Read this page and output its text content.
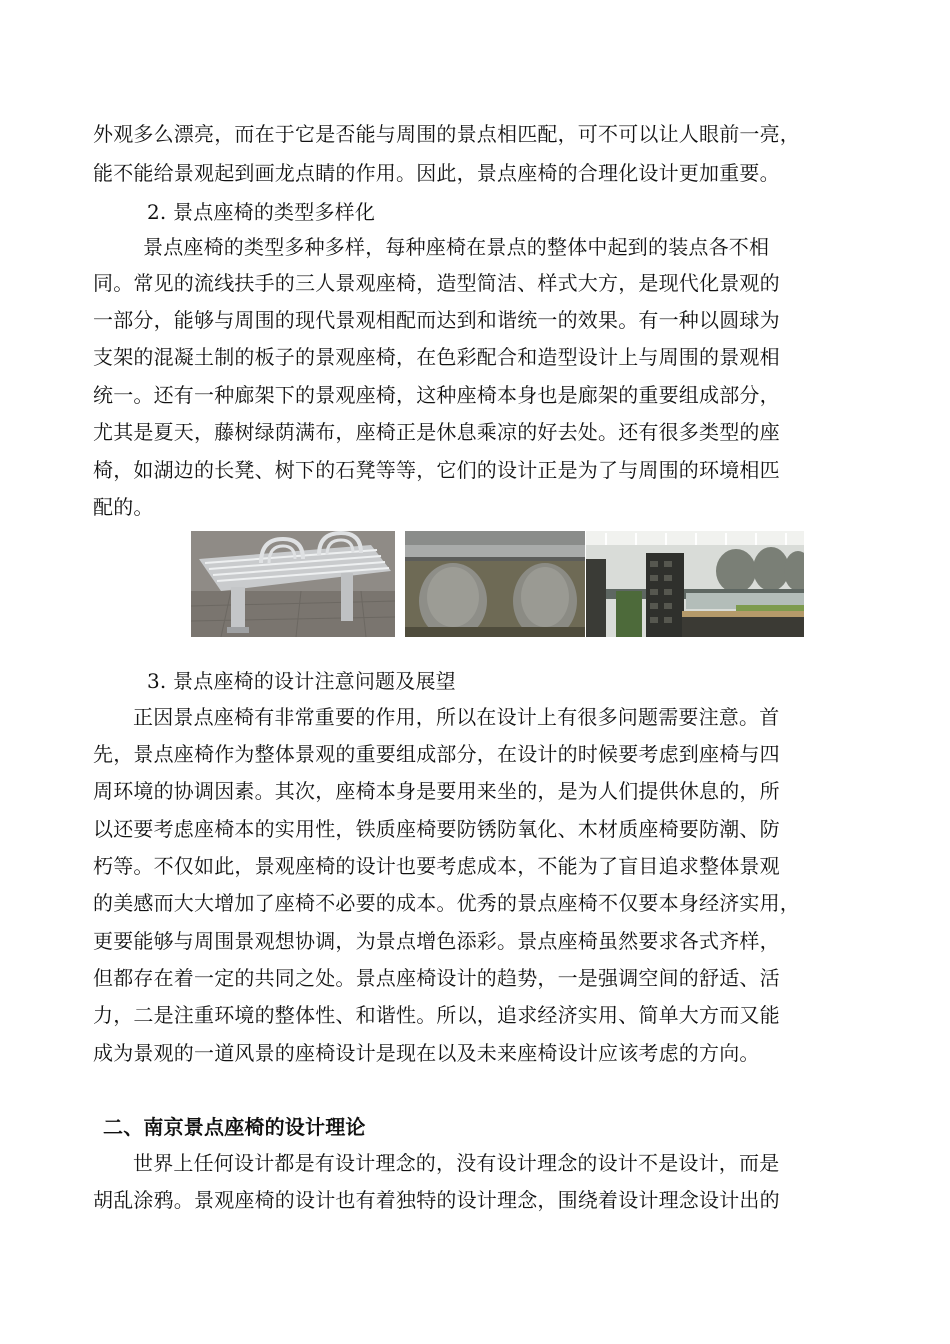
外观多么漂亮，而在于它是否能与周围的景点相匹配，可不可以让人眼前一亮，
能不能给景观起到画龙点睛的作用。因此，景点座椅的合理化设计更加重要。
2. 景点座椅的类型多样化
景点座椅的类型多种多样，每种座椅在景点的整体中起到的装点各不相
同。常见的流线扶手的三人景观座椅，造型简洁、样式大方，是现代化景观的
一部分，能够与周围的现代景观相配而达到和谐统一的效果。有一种以圆球为
支架的混凝土制的板子的景观座椅，在色彩配合和造型设计上与周围的景观相
统一。还有一种廊架下的景观座椅，这种座椅本身也是廊架的重要组成部分，
尤其是夏天，藤树绿荫满布，座椅正是休息乘凉的好去处。还有很多类型的座
椅，如湖边的长凳、树下的石凳等等，它们的设计正是为了与周围的环境相匹
配的。
3. 景点座椅的设计注意问题及展望
正因景点座椅有非常重要的作用，所以在设计上有很多问题需要注意。首
先，景点座椅作为整体景观的重要组成部分，在设计的时候要考虑到座椅与四
周环境的协调因素。其次，座椅本身是要用来坐的，是为人们提供休息的，所
以还要考虑座椅本的实用性，铁质座椅要防锈防氧化、木材质座椅要防潮、防
朽等。不仅如此，景观座椅的设计也要考虑成本，不能为了盲目追求整体景观
的美感而大大增加了座椅不必要的成本。优秀的景点座椅不仅要本身经济实用，
更要能够与周围景观想协调，为景点增色添彩。景点座椅虽然要求各式齐样，
但都存在着一定的共同之处。景点座椅设计的趋势，一是强调空间的舒适、活
力，二是注重环境的整体性、和谐性。所以，追求经济实用、简单大方而又能
成为景观的一道风景的座椅设计是现在以及未来座椅设计应该考虑的方向。
二、南京景点座椅的设计理论
世界上任何设计都是有设计理念的，没有设计理念的设计不是设计，而是
胡乱涂鸦。景观座椅的设计也有着独特的设计理念，围绕着设计理念设计出的
